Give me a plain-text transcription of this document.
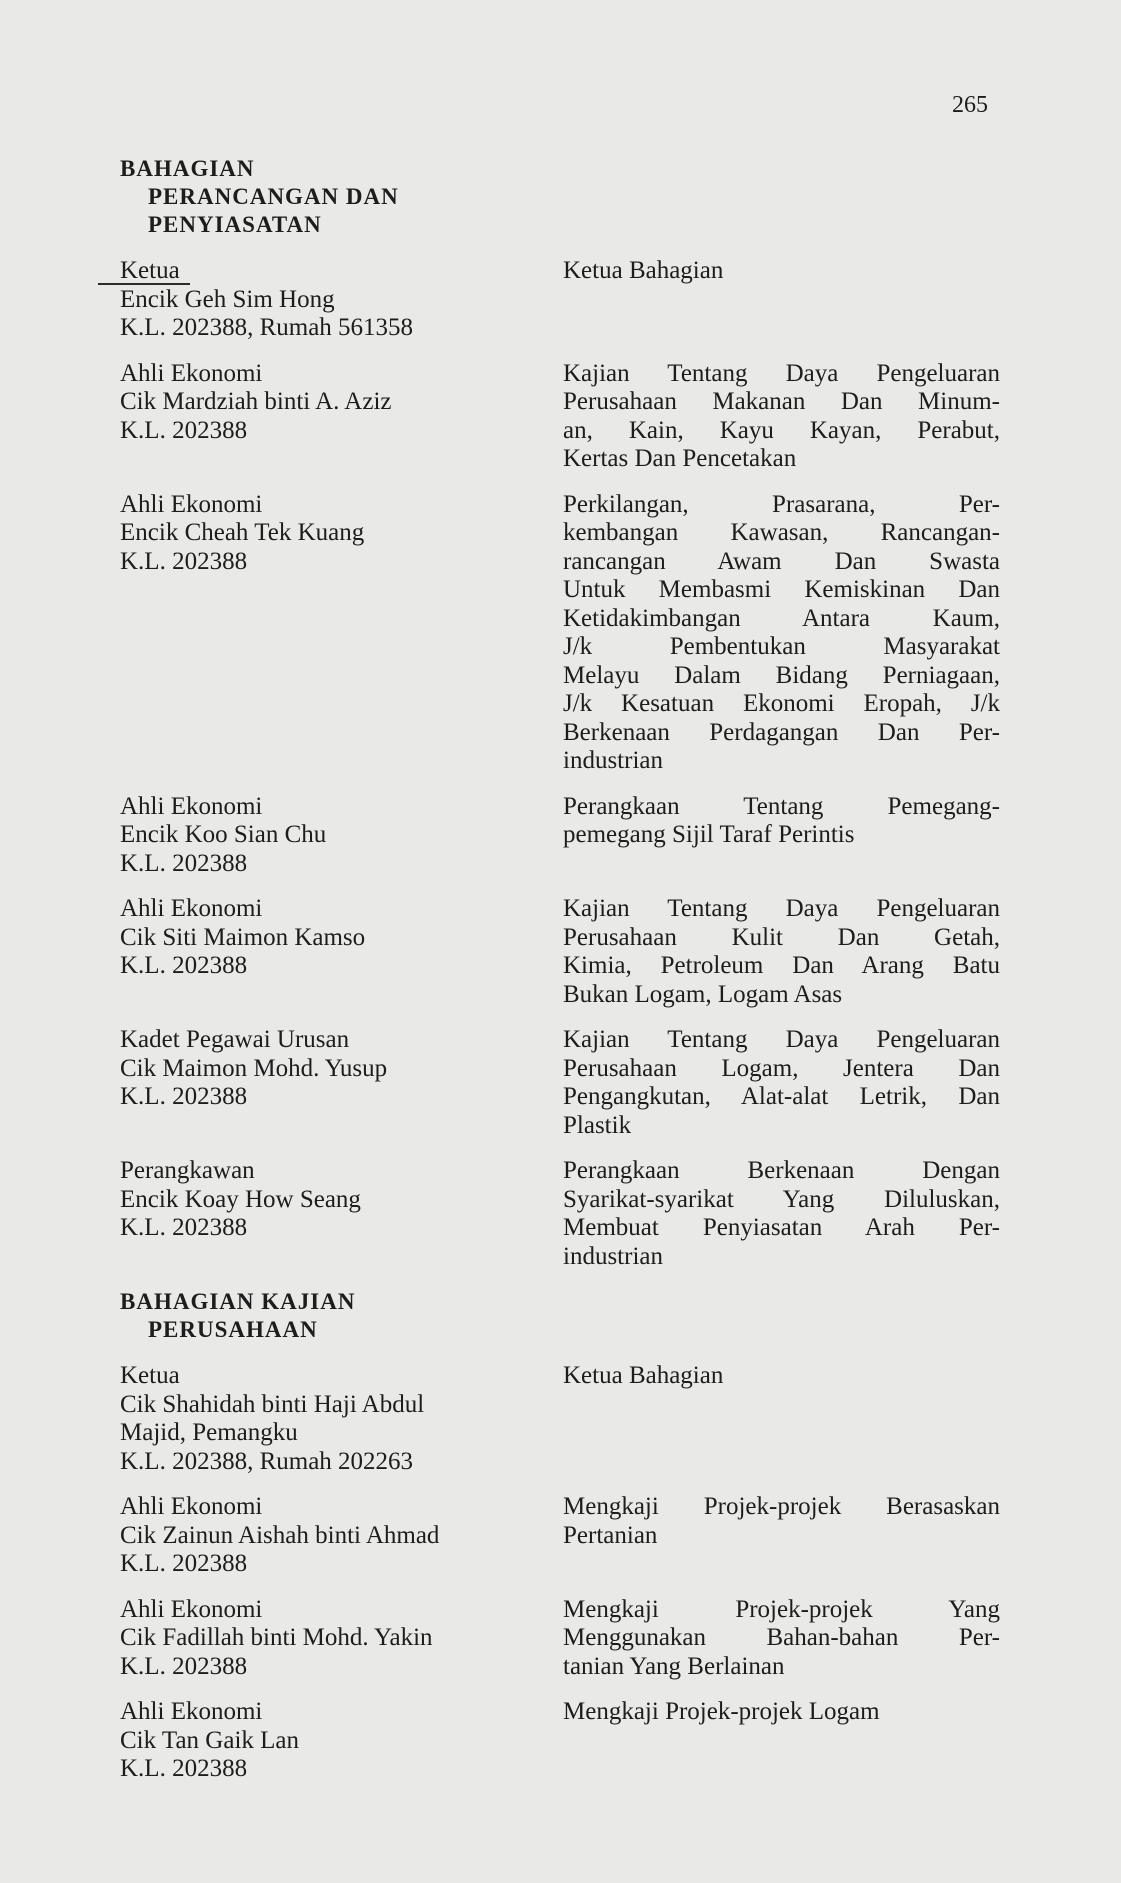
265
BAHAGIAN
PERANCANGAN DAN
PENYIASATAN
Ketua
Encik Geh Sim Hong
K.L. 202388, Rumah 561358
Ketua Bahagian
Ahli Ekonomi
Cik Mardziah binti A. Aziz
K.L. 202388
Kajian Tentang Daya Pengeluaran
Perusahaan Makanan Dan Minum-
an, Kain, Kayu Kayan, Perabut,
Kertas Dan Pencetakan
Ahli Ekonomi
Encik Cheah Tek Kuang
K.L. 202388
Perkilangan, Prasarana, Per-
kembangan Kawasan, Rancangan-
rancangan Awam Dan Swasta
Untuk Membasmi Kemiskinan Dan
Ketidakimbangan Antara Kaum,
J/k Pembentukan Masyarakat
Melayu Dalam Bidang Perniagaan,
J/k Kesatuan Ekonomi Eropah, J/k
Berkenaan Perdagangan Dan Per-
industrian
Ahli Ekonomi
Encik Koo Sian Chu
K.L. 202388
Perangkaan Tentang Pemegang-
pemegang Sijil Taraf Perintis
Ahli Ekonomi
Cik Siti Maimon Kamso
K.L. 202388
Kajian Tentang Daya Pengeluaran
Perusahaan Kulit Dan Getah,
Kimia, Petroleum Dan Arang Batu
Bukan Logam, Logam Asas
Kadet Pegawai Urusan
Cik Maimon Mohd. Yusup
K.L. 202388
Kajian Tentang Daya Pengeluaran
Perusahaan Logam, Jentera Dan
Pengangkutan, Alat-alat Letrik, Dan
Plastik
Perangkawan
Encik Koay How Seang
K.L. 202388
Perangkaan Berkenaan Dengan
Syarikat-syarikat Yang Diluluskan,
Membuat Penyiasatan Arah Per-
industrian
BAHAGIAN KAJIAN
PERUSAHAAN
Ketua
Cik Shahidah binti Haji Abdul
Majid, Pemangku
K.L. 202388, Rumah 202263
Ketua Bahagian
Ahli Ekonomi
Cik Zainun Aishah binti Ahmad
K.L. 202388
Mengkaji Projek-projek Berasaskan
Pertanian
Ahli Ekonomi
Cik Fadillah binti Mohd. Yakin
K.L. 202388
Mengkaji Projek-projek Yang
Menggunakan Bahan-bahan Per-
tanian Yang Berlainan
Ahli Ekonomi
Cik Tan Gaik Lan
K.L. 202388
Mengkaji Projek-projek Logam
